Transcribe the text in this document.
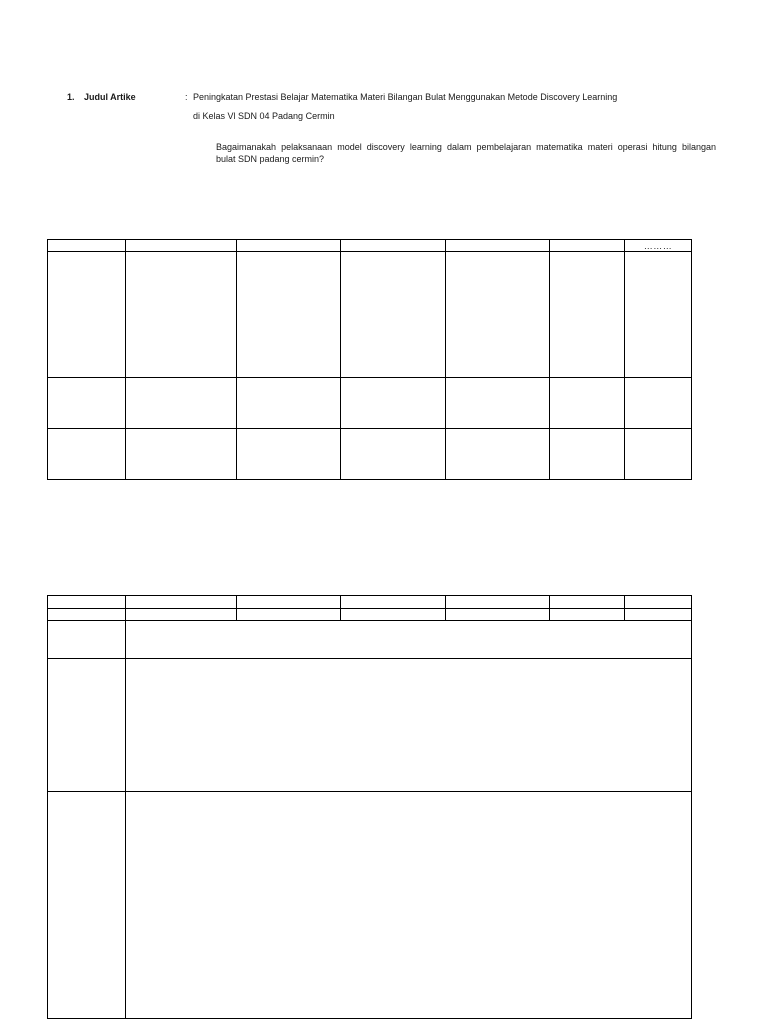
1. Judul Artike	: Peningkatan Prestasi Belajar Matematika Materi Bilangan Bulat Menggunakan Metode Discovery Learning
di Kelas Vl SDN 04 Padang Cermin
Bagaimanakah pelaksanaan model discovery learning dalam pembelajaran matematika materi operasi hitung bilangan
bulat SDN padang cermin?
						………
